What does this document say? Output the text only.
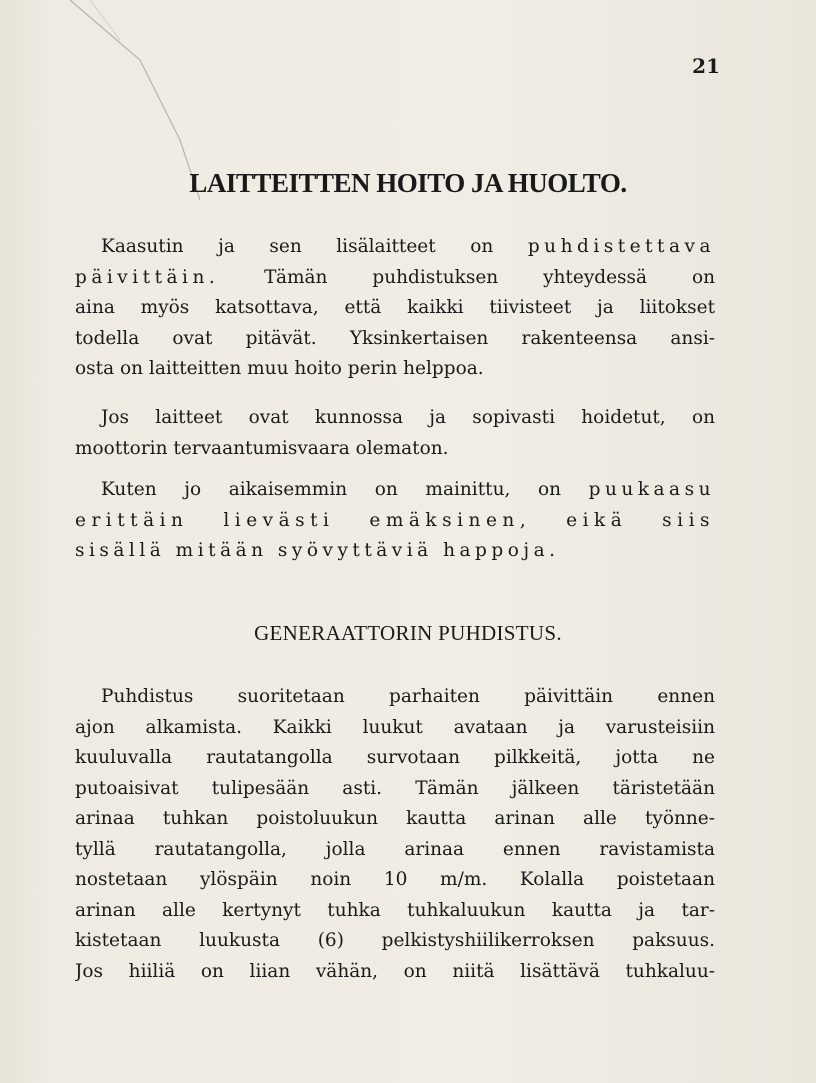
21
LAITTEITTEN HOITO JA HUOLTO.
Kaasutin ja sen lisälaitteet on puhdistettava
päivittäin. Tämän puhdistuksen yhteydessä on
aina myös katsottava, että kaikki tiivisteet ja liitokset
todella ovat pitävät. Yksinkertaisen rakenteensa ansi-
osta on laitteitten muu hoito perin helppoa.
Jos laitteet ovat kunnossa ja sopivasti hoidetut, on
moottorin tervaantumisvaara olematon.
Kuten jo aikaisemmin on mainittu, on puukaasu
erittäin lievästi emäksinen, eikä siis
sisällä mitään syövyttäviä happoja.
GENERAATTORIN PUHDISTUS.
Puhdistus suoritetaan parhaiten päivittäin ennen
ajon alkamista. Kaikki luukut avataan ja varusteisiin
kuuluvalla rautatangolla survotaan pilkkeitä, jotta ne
putoaisivat tulipesään asti. Tämän jälkeen täristetään
arinaa tuhkan poistoluukun kautta arinan alle työnne-
tyllä rautatangolla, jolla arinaa ennen ravistamista
nostetaan ylöspäin noin 10 m/m. Kolalla poistetaan
arinan alle kertynyt tuhka tuhkaluukun kautta ja tar-
kistetaan luukusta (6) pelkistyshiilikerroksen paksuus.
Jos hiiliä on liian vähän, on niitä lisättävä tuhkaluu-
